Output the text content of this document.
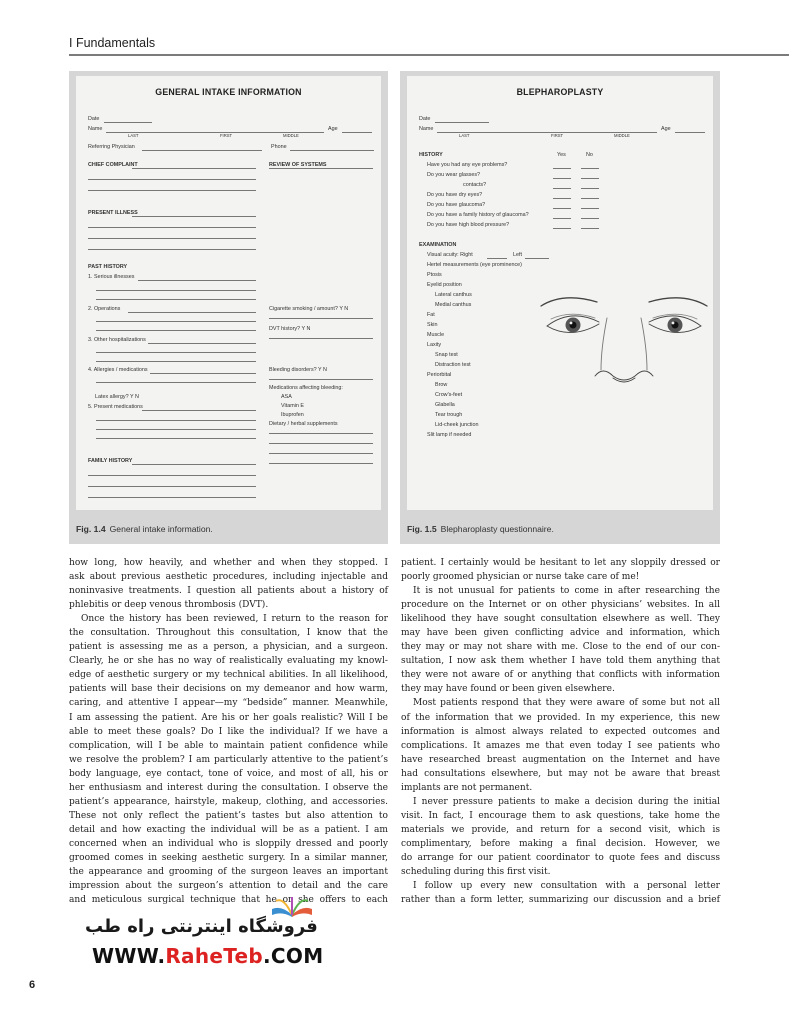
I Fundamentals
GENERAL INTAKE INFORMATION
Date
Name	Age
LAST	FIRST	MIDDLE
Referring Physician	Phone
CHIEF COMPLAINT	REVIEW OF SYSTEMS
PRESENT ILLNESS
PAST HISTORY
1. Serious illnesses
2. Operations	Cigarette smoking / amount? Y N
DVT history? Y N
3. Other hospitalizations
4. Allergies / medications	Bleeding disorders? Y N
Medications affecting bleeding:
ASA
Vitamin E
Ibuprofen
Dietary / herbal supplements
Latex allergy? Y N
5. Present medications
FAMILY HISTORY
Fig. 1.4 General intake information.
BLEPHAROPLASTY
Date
Name	Age
LAST	FIRST	MIDDLE
HISTORY	Yes	No
Have you had any eye problems?
Do you wear glasses?
contacts?
Do you have dry eyes?
Do you have glaucoma?
Do you have a family history of glaucoma?
Do you have high blood pressure?
EXAMINATION
Visual acuity: Right	Left
Hertel measurements (eye prominence)
Ptosis
Eyelid position
Lateral canthus
Medial canthus
Fat
Skin
Muscle
Laxity
Snap test
Distraction test
Periorbital
Brow
Crow's-feet
Glabella
Tear trough
Lid-cheek junction
Slit lamp if needed
Fig. 1.5 Blepharoplasty questionnaire.

how long, how heavily, and whether and when they stopped. I
ask about previous aesthetic procedures, including injectable and
noninvasive treatments. I question all patients about a history of
phlebitis or deep venous thrombosis (DVT).

Once the history has been reviewed, I return to the reason for
the consultation. Throughout this consultation, I know that the
patient is assessing me as a person, a physician, and a surgeon.
Clearly, he or she has no way of realistically evaluating my knowl-
edge of aesthetic surgery or my technical abilities. In all likelihood,
patients will base their decisions on my demeanor and how warm,
caring, and attentive I appear—my “bedside” manner. Meanwhile,
I am assessing the patient. Are his or her goals realistic? Will I be
able to meet these goals? Do I like the individual? If we have a
complication, will I be able to maintain patient confidence while
we resolve the problem? I am particularly attentive to the patient’s
body language, eye contact, tone of voice, and most of all, his or
her enthusiasm and interest during the consultation. I observe the
patient’s appearance, hairstyle, makeup, clothing, and accessories.
These not only reflect the patient’s tastes but also attention to
detail and how exacting the individual will be as a patient. I am
concerned when an individual who is sloppily dressed and poorly
groomed comes in seeking aesthetic surgery. In a similar manner,
the appearance and grooming of the surgeon leaves an important
impression about the surgeon’s attention to detail and the care
and meticulous surgical technique that he or she offers to each

patient. I certainly would be hesitant to let any sloppily dressed or
poorly groomed physician or nurse take care of me!

It is not unusual for patients to come in after researching the
procedure on the Internet or on other physicians’ websites. In all
likelihood they have sought consultation elsewhere as well. They
may have been given conflicting advice and information, which
they may or may not share with me. Close to the end of our con-
sultation, I now ask them whether I have told them anything that
they were not aware of or anything that conflicts with information
they may have found or been given elsewhere.

Most patients respond that they were aware of some but not all
of the information that we provided. In my experience, this new
information is almost always related to expected outcomes and
complications. It amazes me that even today I see patients who
have researched breast augmentation on the Internet and have
had consultations elsewhere, but may not be aware that breast
implants are not permanent.

I never pressure patients to make a decision during the initial
visit. In fact, I encourage them to ask questions, take home the
materials we provide, and return for a second visit, which is
complimentary, before making a final decision. However, we
do arrange for our patient coordinator to quote fees and discuss
scheduling during this first visit.

I follow up every new consultation with a personal letter
rather than a form letter, summarizing our discussion and a brief

فروشگاه اینترنتی راه طب
WWW.RaheTeb.COM
6
